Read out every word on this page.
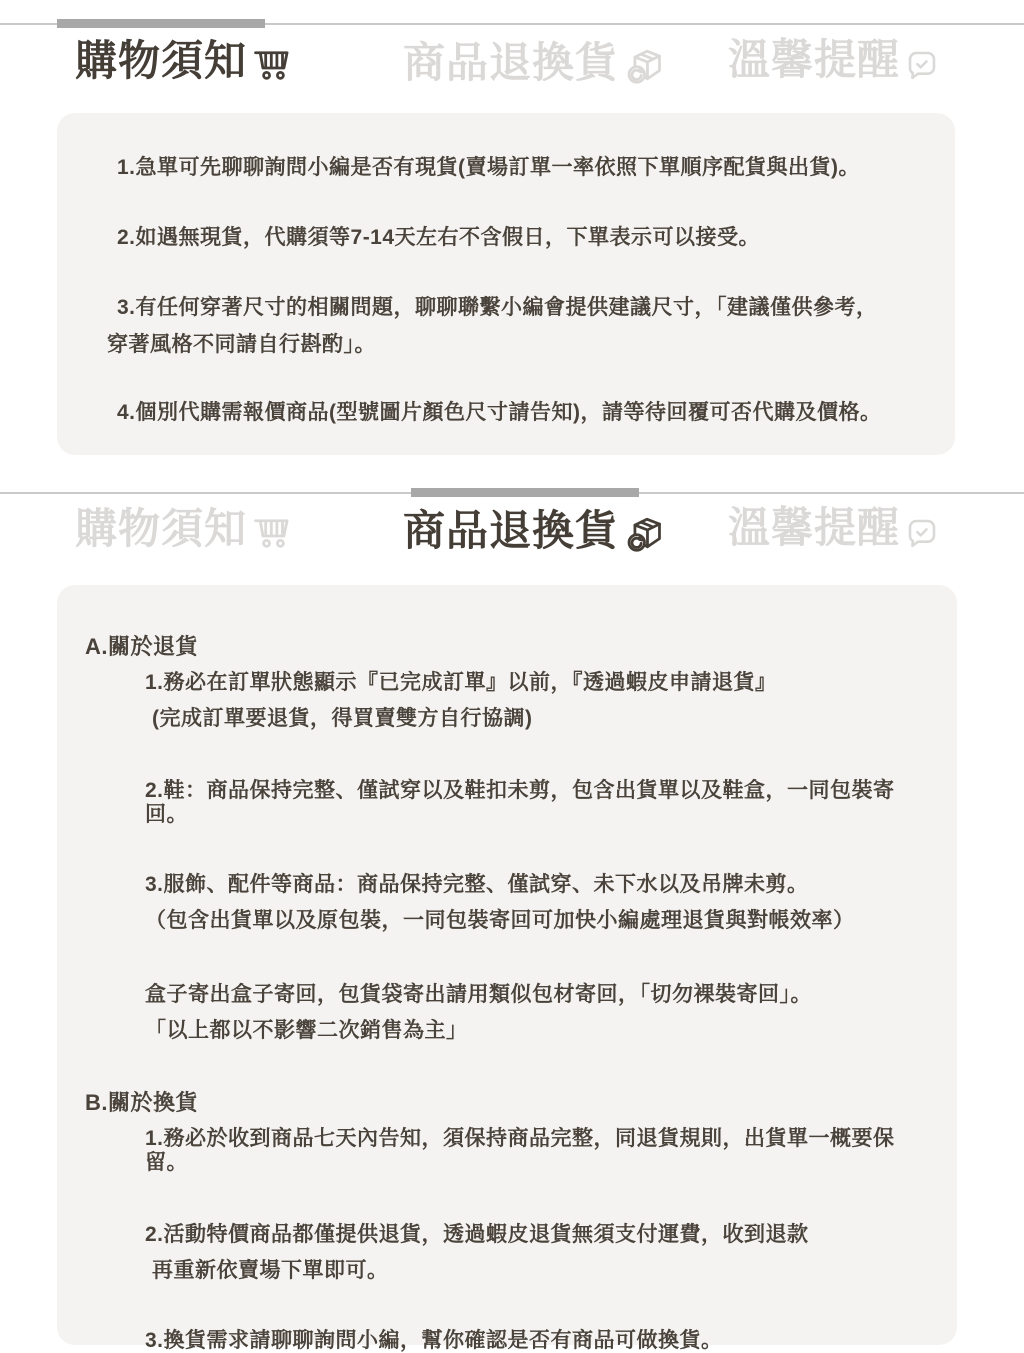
購物須知	商品退換貨	溫馨提醒
1.急單可先聊聊詢問小編是否有現貨(賣場訂單一率依照下單順序配貨與出貨)。
2.如遇無現貨，代購須等7-14天左右不含假日，下單表示可以接受。
3.有任何穿著尺寸的相關問題，聊聊聯繫小編會提供建議尺寸，「建議僅供參考，
穿著風格不同請自行斟酌」。
4.個別代購需報價商品(型號圖片顏色尺寸請告知)，請等待回覆可否代購及價格。
購物須知	商品退換貨	溫馨提醒
A.關於退貨
1.務必在訂單狀態顯示『已完成訂單』以前，『透過蝦皮申請退貨』
(完成訂單要退貨，得買賣雙方自行協調)
2.鞋：商品保持完整、僅試穿以及鞋扣未剪，包含出貨單以及鞋盒，一同包裝寄回。
3.服飾、配件等商品：商品保持完整、僅試穿、未下水以及吊牌未剪。
（包含出貨單以及原包裝，一同包裝寄回可加快小編處理退貨與對帳效率）
盒子寄出盒子寄回，包貨袋寄出請用類似包材寄回，「切勿裸裝寄回」。
「以上都以不影響二次銷售為主」
B.關於換貨
1.務必於收到商品七天內告知，須保持商品完整，同退貨規則，出貨單一概要保留。
2.活動特價商品都僅提供退貨，透過蝦皮退貨無須支付運費，收到退款
再重新依賣場下單即可。
3.換貨需求請聊聊詢問小編，幫你確認是否有商品可做換貨。
